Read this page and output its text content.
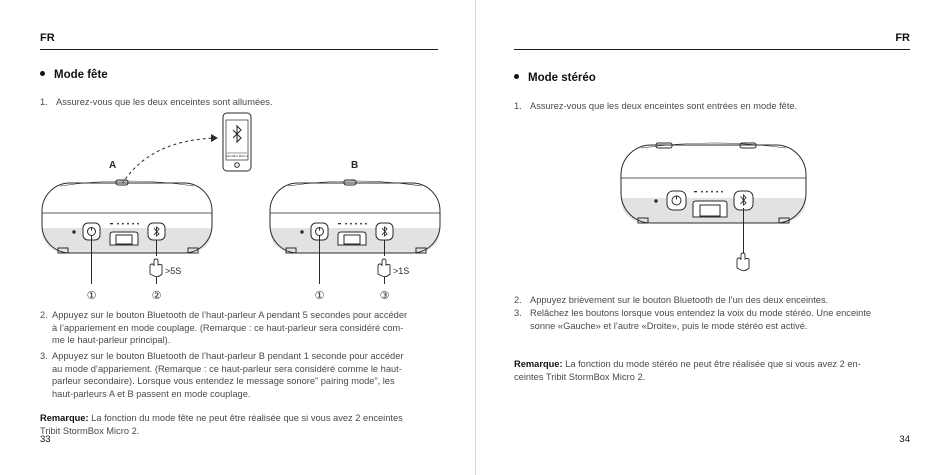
FR
Mode fête
1. Assurez-vous que les deux enceintes sont allumées.
A	B
StormBox Micro 2
>5S	>1S
①	②	①	③
2. Appuyez sur le bouton Bluetooth de l’haut-parleur A pendant 5 secondes pour accéder
à l’appariement en mode couplage. (Remarque : ce haut-parleur sera considéré com-
me le haut-parleur principal).
3. Appuyez sur le bouton Bluetooth de l’haut-parleur B pendant 1 seconde pour accéder
au mode d’appariement. (Remarque : ce haut-parleur sera considéré comme le haut-
parleur secondaire). Lorsque vous entendez le message sonore” pairing mode”, les
haut-parleurs A et B passent en mode couplage.
Remarque: La fonction du mode fête ne peut être réalisée que si vous avez 2 enceintes
Tribit StormBox Micro 2.
33
FR
Mode stéréo
1. Assurez-vous que les deux enceintes sont entrées en mode fête.
2. Appuyez brièvement sur le bouton Bluetooth de l’un des deux enceintes.
3. Relâchez les boutons lorsque vous entendez la voix du mode stéréo. Une enceinte
sonne «Gauche» et l’autre «Droite», puis le mode stéréo est activé.
Remarque: La fonction du mode stéréo ne peut être réalisée que si vous avez 2 en-
ceintes Tribit StormBox Micro 2.
34
